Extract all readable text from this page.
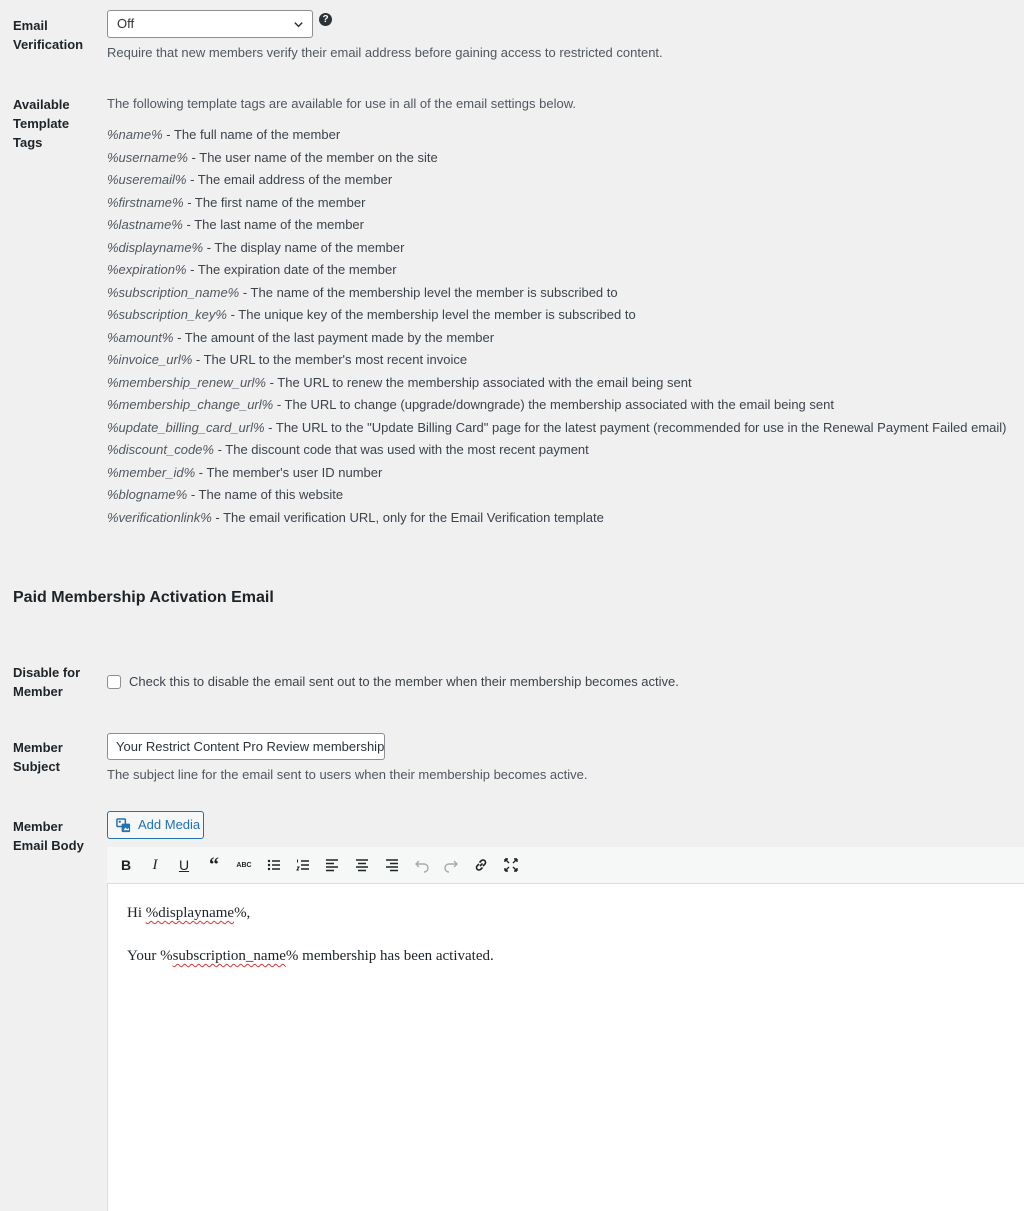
Email Verification
Off	?
Require that new members verify their email address before gaining access to restricted content.
Available Template Tags
The following template tags are available for use in all of the email settings below.
%name% - The full name of the member
%username% - The user name of the member on the site
%useremail% - The email address of the member
%firstname% - The first name of the member
%lastname% - The last name of the member
%displayname% - The display name of the member
%expiration% - The expiration date of the member
%subscription_name% - The name of the membership level the member is subscribed to
%subscription_key% - The unique key of the membership level the member is subscribed to
%amount% - The amount of the last payment made by the member
%invoice_url% - The URL to the member's most recent invoice
%membership_renew_url% - The URL to renew the membership associated with the email being sent
%membership_change_url% - The URL to change (upgrade/downgrade) the membership associated with the email being sent
%update_billing_card_url% - The URL to the "Update Billing Card" page for the latest payment (recommended for use in the Renewal Payment Failed email)
%discount_code% - The discount code that was used with the most recent payment
%member_id% - The member's user ID number
%blogname% - The name of this website
%verificationlink% - The email verification URL, only for the Email Verification template
Paid Membership Activation Email
Disable for Member
Check this to disable the email sent out to the member when their membership becomes active.
Member Subject
Your Restrict Content Pro Review membership
The subject line for the email sent to users when their membership becomes active.
Member Email Body
Add Media
B	I	U “	ABC

Hi %displayname%,

Your %subscription_name% membership has been activated.
